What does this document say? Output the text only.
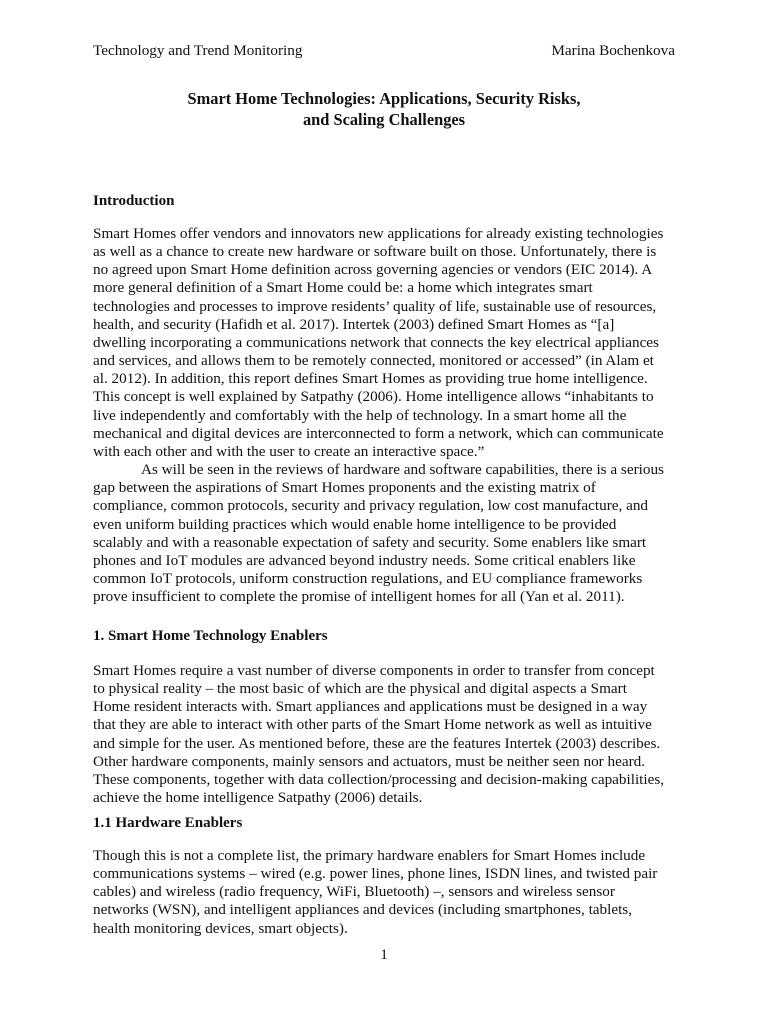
Technology and Trend Monitoring	Marina Bochenkova
Smart Home Technologies: Applications, Security Risks,
and Scaling Challenges
Introduction
Smart Homes offer vendors and innovators new applications for already existing technologies
as well as a chance to create new hardware or software built on those. Unfortunately, there is
no agreed upon Smart Home definition across governing agencies or vendors (EIC 2014). A
more general definition of a Smart Home could be: a home which integrates smart
technologies and processes to improve residents’ quality of life, sustainable use of resources,
health, and security (Hafidh et al. 2017). Intertek (2003) defined Smart Homes as “[a]
dwelling incorporating a communications network that connects the key electrical appliances
and services, and allows them to be remotely connected, monitored or accessed” (in Alam et
al. 2012). In addition, this report defines Smart Homes as providing true home intelligence.
This concept is well explained by Satpathy (2006). Home intelligence allows “inhabitants to
live independently and comfortably with the help of technology. In a smart home all the
mechanical and digital devices are interconnected to form a network, which can communicate
with each other and with the user to create an interactive space.”
As will be seen in the reviews of hardware and software capabilities, there is a serious
gap between the aspirations of Smart Homes proponents and the existing matrix of
compliance, common protocols, security and privacy regulation, low cost manufacture, and
even uniform building practices which would enable home intelligence to be provided
scalably and with a reasonable expectation of safety and security. Some enablers like smart
phones and IoT modules are advanced beyond industry needs. Some critical enablers like
common IoT protocols, uniform construction regulations, and EU compliance frameworks
prove insufficient to complete the promise of intelligent homes for all (Yan et al. 2011).
1. Smart Home Technology Enablers
Smart Homes require a vast number of diverse components in order to transfer from concept
to physical reality – the most basic of which are the physical and digital aspects a Smart
Home resident interacts with. Smart appliances and applications must be designed in a way
that they are able to interact with other parts of the Smart Home network as well as intuitive
and simple for the user. As mentioned before, these are the features Intertek (2003) describes.
Other hardware components, mainly sensors and actuators, must be neither seen nor heard.
These components, together with data collection/processing and decision-making capabilities,
achieve the home intelligence Satpathy (2006) details.
1.1 Hardware Enablers
Though this is not a complete list, the primary hardware enablers for Smart Homes include
communications systems – wired (e.g. power lines, phone lines, ISDN lines, and twisted pair
cables) and wireless (radio frequency, WiFi, Bluetooth) –, sensors and wireless sensor
networks (WSN), and intelligent appliances and devices (including smartphones, tablets,
health monitoring devices, smart objects).
1
